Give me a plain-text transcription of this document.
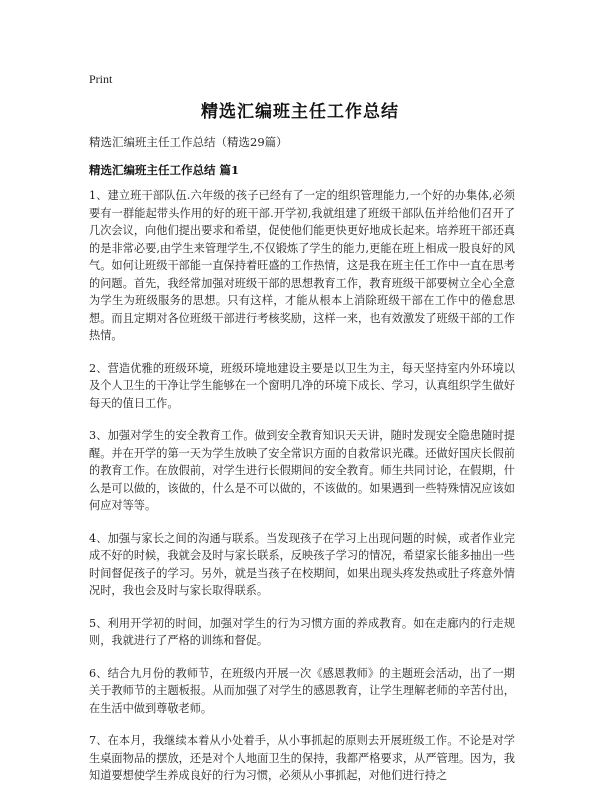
Print
精选汇编班主任工作总结
精选汇编班主任工作总结（精选29篇）
精选汇编班主任工作总结 篇1

1、建立班干部队伍.六年级的孩子已经有了一定的组织管理能力,一个好的办集体,必须要有一群能起带头作用的好的班干部.开学初,我就组建了班级干部队伍并给他们召开了几次会议，向他们提出要求和希望，促使他们能更快更好地成长起来。培养班干部还真的是非常必要,由学生来管理学生,不仅锻炼了学生的能力,更能在班上相成一股良好的风气。如何让班级干部能一直保持着旺盛的工作热情，这是我在班主任工作中一直在思考的问题。首先，我经常加强对班级干部的思想教育工作，教育班级干部要树立全心全意为学生为班级服务的思想。只有这样，才能从根本上消除班级干部在工作中的倦怠思想。而且定期对各位班级干部进行考核奖励，这样一来，也有效激发了班级干部的工作热情。

2、营造优雅的班级环境，班级环境地建设主要是以卫生为主，每天坚持室内外环境以及个人卫生的干净让学生能够在一个窗明几净的环境下成长、学习，认真组织学生做好每天的值日工作。

3、加强对学生的安全教育工作。做到安全教育知识天天讲，随时发现安全隐患随时提醒。并在开学的第一天为学生放映了安全常识方面的自救常识光碟。还做好国庆长假前的教育工作。在放假前，对学生进行长假期间的安全教育。师生共同讨论，在假期，什么是可以做的，该做的，什么是不可以做的，不该做的。如果遇到一些特殊情况应该如何应对等等。

4、加强与家长之间的沟通与联系。当发现孩子在学习上出现问题的时候，或者作业完成不好的时候，我就会及时与家长联系，反映孩子学习的情况，希望家长能多抽出一些时间督促孩子的学习。另外，就是当孩子在校期间，如果出现头疼发热或肚子疼意外情况时，我也会及时与家长取得联系。

5、利用开学初的时间，加强对学生的行为习惯方面的养成教育。如在走廊内的行走规则，我就进行了严格的训练和督促。

6、结合九月份的教师节，在班级内开展一次《感恩教师》的主题班会活动，出了一期关于教师节的主题板报。从而加强了对学生的感恩教育，让学生理解老师的辛苦付出，在生活中做到尊敬老师。

7、在本月，我继续本着从小处着手，从小事抓起的原则去开展班级工作。不论是对学生桌面物品的摆放，还是对个人地面卫生的保持，我都严格要求，从严管理。因为，我知道要想使学生养成良好的行为习惯，必须从小事抓起，对他们进行持之
